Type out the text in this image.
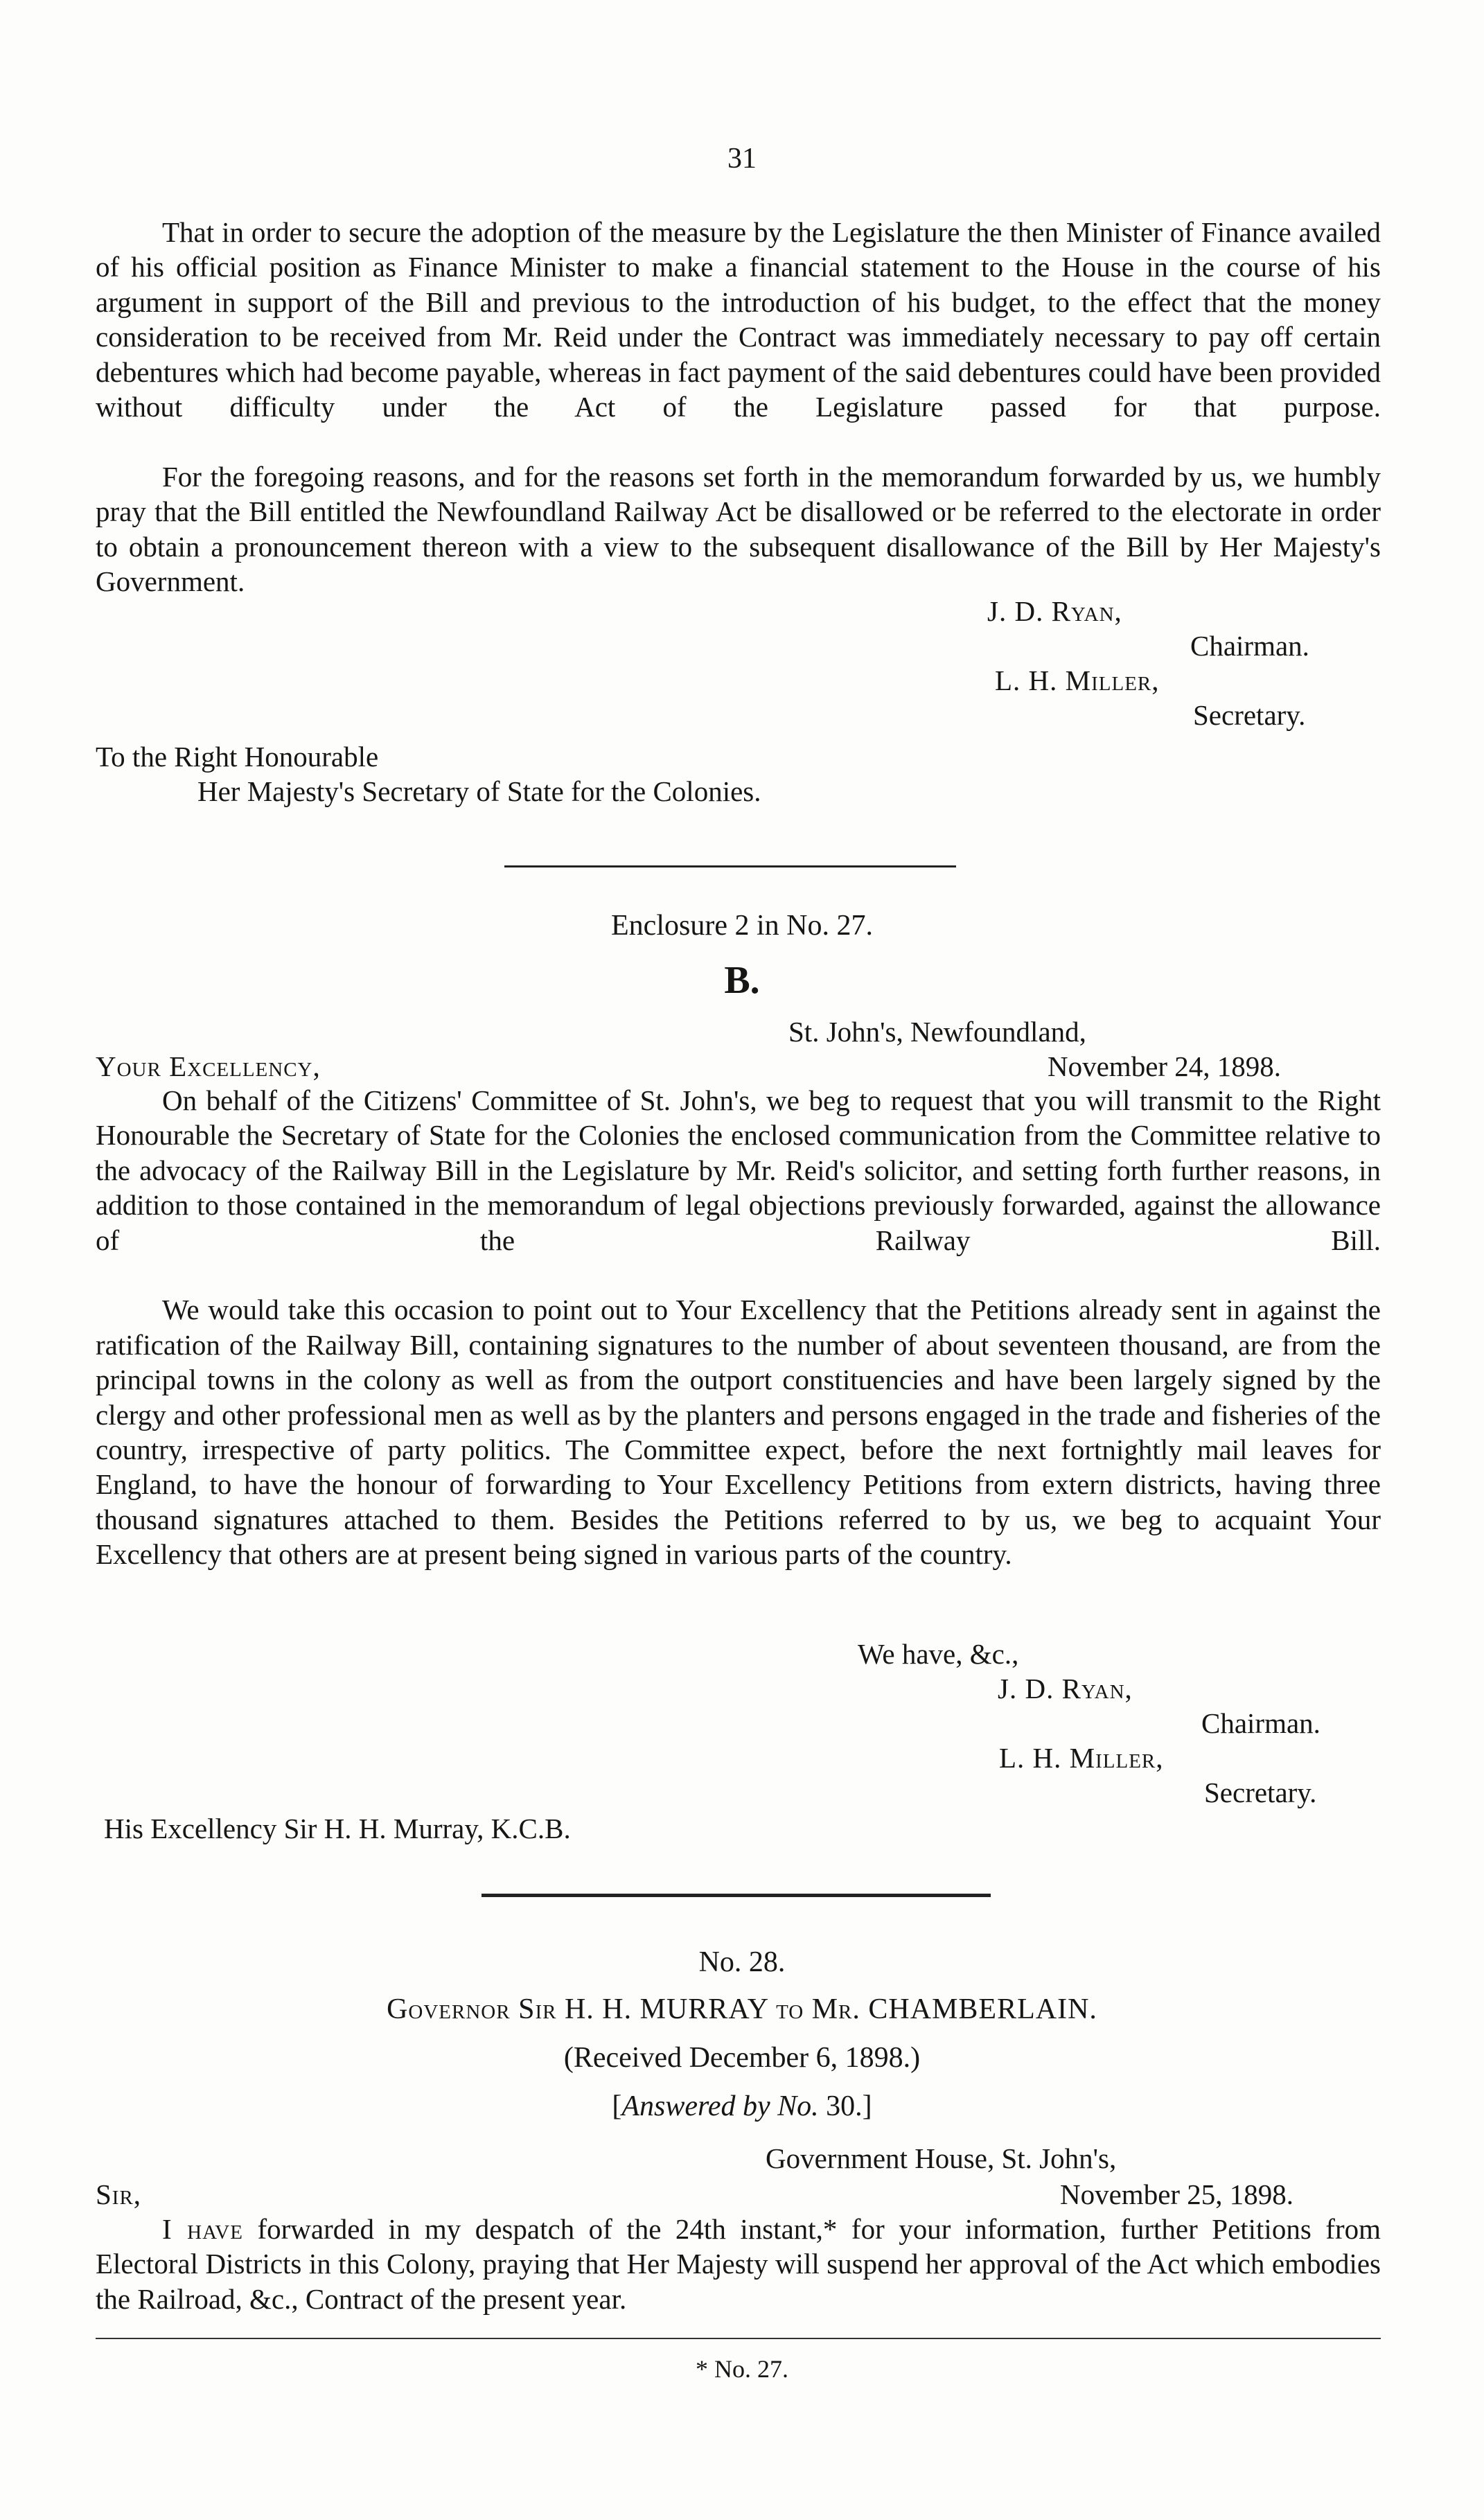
31

That in order to secure the adoption of the measure by the Legislature the then Minister of Finance availed of his official position as Finance Minister to make a financial statement to the House in the course of his argument in support of the Bill and previous to the introduction of his budget, to the effect that the money consideration to be received from Mr. Reid under the Contract was immediately necessary to pay off certain debentures which had become payable, whereas in fact payment of the said debentures could have been provided without difficulty under the Act of the Legislature passed for that purpose.

For the foregoing reasons, and for the reasons set forth in the memorandum forwarded by us, we humbly pray that the Bill entitled the Newfoundland Railway Act be disallowed or be referred to the electorate in order to obtain a pronouncement thereon with a view to the subsequent disallowance of the Bill by Her Majesty's Government.

J. D. Ryan,
Chairman.
L. H. Miller,
Secretary.
To the Right Honourable
Her Majesty's Secretary of State for the Colonies.
Enclosure 2 in No. 27.
B.
St. John's, Newfoundland,
November 24, 1898.
Your Excellency,

On behalf of the Citizens' Committee of St. John's, we beg to request that you will transmit to the Right Honourable the Secretary of State for the Colonies the enclosed communication from the Committee relative to the advocacy of the Railway Bill in the Legislature by Mr. Reid's solicitor, and setting forth further reasons, in addition to those contained in the memorandum of legal objections previously forwarded, against the allowance of the Railway Bill.

We would take this occasion to point out to Your Excellency that the Petitions already sent in against the ratification of the Railway Bill, containing signatures to the number of about seventeen thousand, are from the principal towns in the colony as well as from the outport constituencies and have been largely signed by the clergy and other professional men as well as by the planters and persons engaged in the trade and fisheries of the country, irrespective of party politics. The Committee expect, before the next fortnightly mail leaves for England, to have the honour of forwarding to Your Excellency Petitions from extern districts, having three thousand signatures attached to them. Besides the Petitions referred to by us, we beg to acquaint Your Excellency that others are at present being signed in various parts of the country.

We have, &c.,
J. D. Ryan,
Chairman.
L. H. Miller,
Secretary.
His Excellency Sir H. H. Murray, K.C.B.
No. 28.
Governor Sir H. H. MURRAY to Mr. CHAMBERLAIN.
(Received December 6, 1898.)
[Answered by No. 30.]
Government House, St. John's,
November 25, 1898.
Sir,

I have forwarded in my despatch of the 24th instant,* for your information, further Petitions from Electoral Districts in this Colony, praying that Her Majesty will suspend her approval of the Act which embodies the Railroad, &c., Contract of the present year.

* No. 27.
